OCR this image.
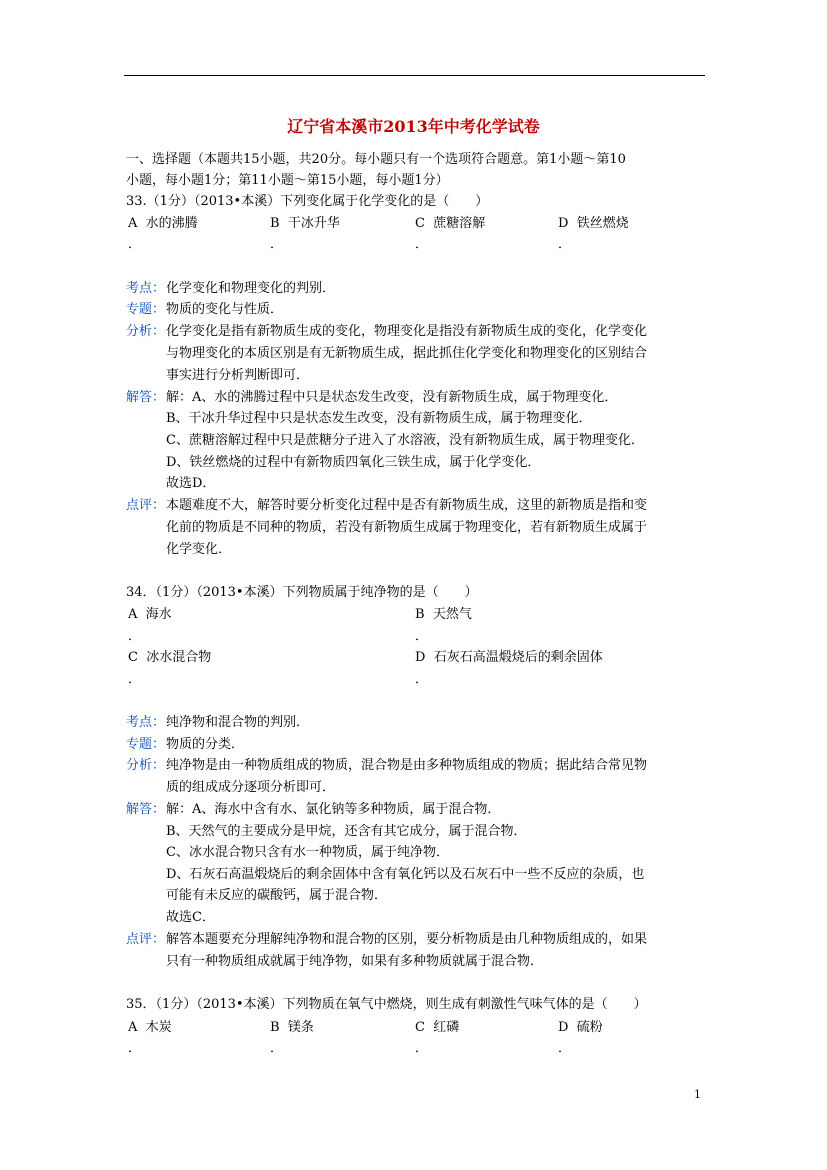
辽宁省本溪市2013年中考化学试卷
一、选择题（本题共15小题，共20分。每小题只有一个选项符合题意。第1小题～第10
小题，每小题1分；第11小题～第15小题，每小题1分）
33.（1分）（2013•本溪）下列变化属于化学变化的是（　　）
A 水的沸腾	B 干冰升华	C 蔗糖溶解	D 铁丝燃烧
．	．	．	．
考点： 化学变化和物理变化的判别．
专题： 物质的变化与性质．
分析： 化学变化是指有新物质生成的变化，物理变化是指没有新物质生成的变化，化学变化
与物理变化的本质区别是有无新物质生成，据此抓住化学变化和物理变化的区别结合
事实进行分析判断即可．
解答： 解：A、水的沸腾过程中只是状态发生改变，没有新物质生成，属于物理变化．
B、干冰升华过程中只是状态发生改变，没有新物质生成，属于物理变化．
C、蔗糖溶解过程中只是蔗糖分子进入了水溶液，没有新物质生成，属于物理变化．
D、铁丝燃烧的过程中有新物质四氧化三铁生成，属于化学变化．
故选D．
点评： 本题难度不大，解答时要分析变化过程中是否有新物质生成，这里的新物质是指和变
化前的物质是不同种的物质，若没有新物质生成属于物理变化，若有新物质生成属于
化学变化．
34．（1分）（2013•本溪）下列物质属于纯净物的是（　　）
A 海水	B 天然气
．	．
C 冰水混合物	D 石灰石高温煅烧后的剩余固体
．	．
考点： 纯净物和混合物的判别．
专题： 物质的分类．
分析： 纯净物是由一种物质组成的物质，混合物是由多种物质组成的物质；据此结合常见物
质的组成成分逐项分析即可．
解答： 解：A、海水中含有水、氯化钠等多种物质，属于混合物．
B、天然气的主要成分是甲烷，还含有其它成分，属于混合物．
C、冰水混合物只含有水一种物质，属于纯净物．
D、石灰石高温煅烧后的剩余固体中含有氧化钙以及石灰石中一些不反应的杂质，也
可能有未反应的碳酸钙，属于混合物．
故选C．
点评： 解答本题要充分理解纯净物和混合物的区别，要分析物质是由几种物质组成的，如果
只有一种物质组成就属于纯净物，如果有多种物质就属于混合物．
35．（1分）（2013•本溪）下列物质在氧气中燃烧，则生成有刺激性气味气体的是（　　）
A 木炭	B 镁条	C 红磷	D 硫粉
．	．	．	．
1
